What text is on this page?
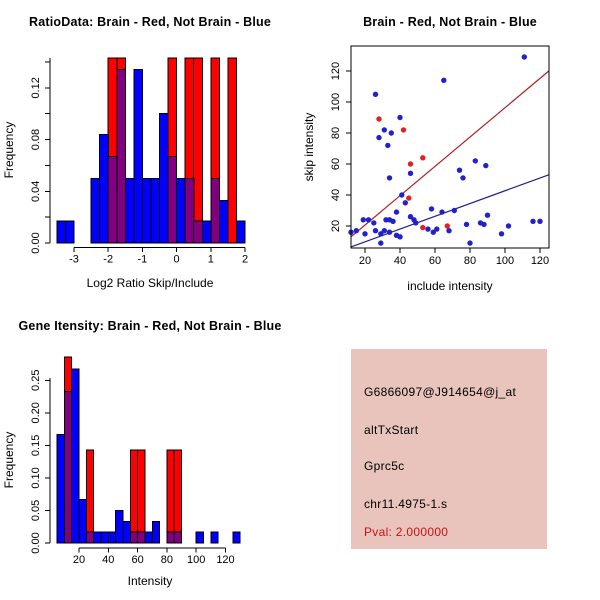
RatioData: Brain - Red, Not Brain - Blue
0.00
0.04
0.08
0.12
-3 -2 -1 0	1	2
Log2 Ratio Skip/Include
Frequency
Brain - Red, Not Brain - Blue
20 40 60 80 100 120
20
40
60
80
100
120
include intensity
skip intensity
Gene Itensity: Brain - Red, Not Brain - Blue
0.00
0.05
0.10
0.15
0.20
0.25
20 40 60 80 100 120
Intensity
Frequency
G6866097@J914654@j_at
altTxStart
Gprc5c
chr11.4975-1.s
Pval: 2.000000
